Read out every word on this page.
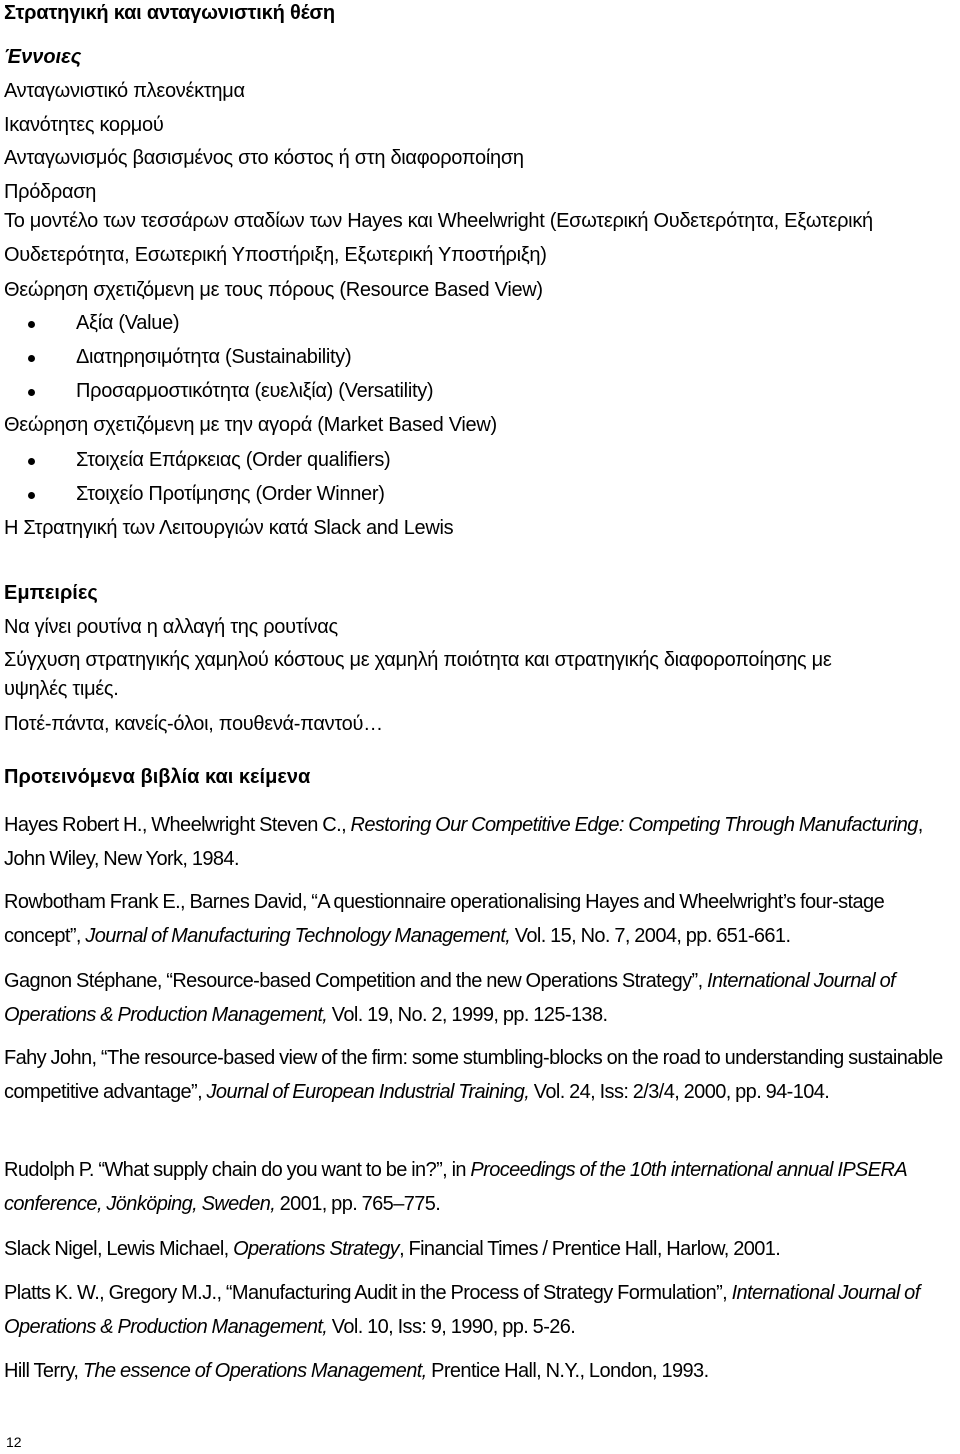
Στρατηγική και ανταγωνιστική θέση
Έννοιες
Ανταγωνιστικό πλεονέκτημα
Ικανότητες κορμού
Ανταγωνισμός βασισμένος στο κόστος ή στη διαφοροποίηση
Πρόδραση
Το μοντέλο των τεσσάρων σταδίων των Hayes και Wheelwright (Εσωτερική Ουδετερότητα, Εξωτερική
Ουδετερότητα, Εσωτερική Υποστήριξη, Εξωτερική Υποστήριξη)
Θεώρηση σχετιζόμενη με τους πόρους (Resource Based View)
Αξία (Value)
Διατηρησιμότητα (Sustainability)
Προσαρμοστικότητα (ευελιξία) (Versatility)
Θεώρηση σχετιζόμενη με την αγορά (Market Based View)
Στοιχεία Επάρκειας (Order qualifiers)
Στοιχείο Προτίμησης (Order Winner)
Η Στρατηγική των Λειτουργιών κατά Slack and Lewis
Εμπειρίες
Να γίνει ρουτίνα η αλλαγή της ρουτίνας
Σύγχυση στρατηγικής χαμηλού κόστους με χαμηλή ποιότητα και στρατηγικής διαφοροποίησης με
υψηλές τιμές.
Ποτέ-πάντα, κανείς-όλοι, πουθενά-παντού…
Προτεινόμενα βιβλία και κείμενα
Hayes Robert H., Wheelwright Steven C., Restoring Our Competitive Edge: Competing Through Manufacturing, John Wiley, New York, 1984.
Rowbotham Frank E., Barnes David, “A questionnaire operationalising Hayes and Wheelwright’s four-stage concept”, Journal of Manufacturing Technology Management, Vol. 15, No. 7, 2004, pp. 651-661.
Gagnon Stéphane, “Resource-based Competition and the new Operations Strategy”, International Journal of Operations & Production Management, Vol. 19, No. 2, 1999, pp. 125-138.
Fahy John, “The resource-based view of the firm: some stumbling-blocks on the road to understanding sustainable competitive advantage”, Journal of European Industrial Training, Vol. 24, Iss: 2/3/4, 2000, pp. 94-104.
Rudolph P. “What supply chain do you want to be in?”, in Proceedings of the 10th international annual IPSERA conference, Jönköping, Sweden, 2001, pp. 765–775.
Slack Nigel, Lewis Michael, Operations Strategy, Financial Times / Prentice Hall, Harlow, 2001.
Platts K. W., Gregory M.J., “Manufacturing Audit in the Process of Strategy Formulation”, International Journal of Operations & Production Management, Vol. 10, Iss: 9, 1990, pp. 5-26.
Hill Terry, The essence of Operations Management, Prentice Hall, N.Y., London, 1993.
12
